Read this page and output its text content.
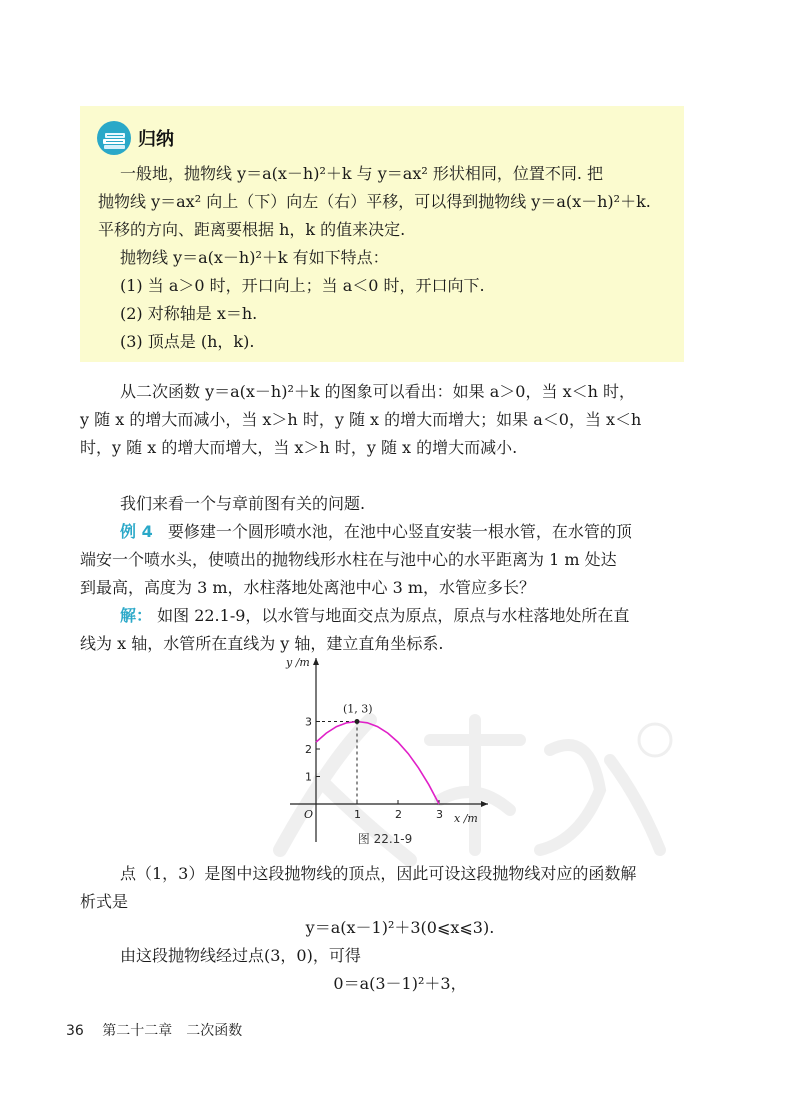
归纳
一般地，抛物线 y＝a(x－h)²＋k 与 y＝ax² 形状相同，位置不同. 把
抛物线 y＝ax² 向上（下）向左（右）平移，可以得到抛物线 y＝a(x－h)²＋k.
平移的方向、距离要根据 h，k 的值来决定.
抛物线 y＝a(x－h)²＋k 有如下特点：
(1) 当 a＞0 时，开口向上；当 a＜0 时，开口向下.
(2) 对称轴是 x＝h.
(3) 顶点是 (h，k).
从二次函数 y＝a(x－h)²＋k 的图象可以看出：如果 a＞0，当 x＜h 时，
y 随 x 的增大而减小，当 x＞h 时，y 随 x 的增大而增大；如果 a＜0，当 x＜h
时，y 随 x 的增大而增大，当 x＞h 时，y 随 x 的增大而减小.
我们来看一个与章前图有关的问题.
例 4 要修建一个圆形喷水池，在池中心竖直安装一根水管，在水管的顶
端安一个喷水头，使喷出的抛物线形水柱在与池中心的水平距离为 1 m 处达
到最高，高度为 3 m，水柱落地处离池中心 3 m，水管应多长？
解： 如图 22.1-9，以水管与地面交点为原点，原点与水柱落地处所在直
线为 x 轴，水管所在直线为 y 轴，建立直角坐标系.
y /m
x /m
O	1	2	3
1
2
3
(1, 3)
图 22.1-9
点（1，3）是图中这段抛物线的顶点，因此可设这段抛物线对应的函数解
析式是
y＝a(x－1)²＋3(0⩽x⩽3).
由这段抛物线经过点(3，0)，可得
0＝a(3－1)²＋3，
36 第二十二章　二次函数
